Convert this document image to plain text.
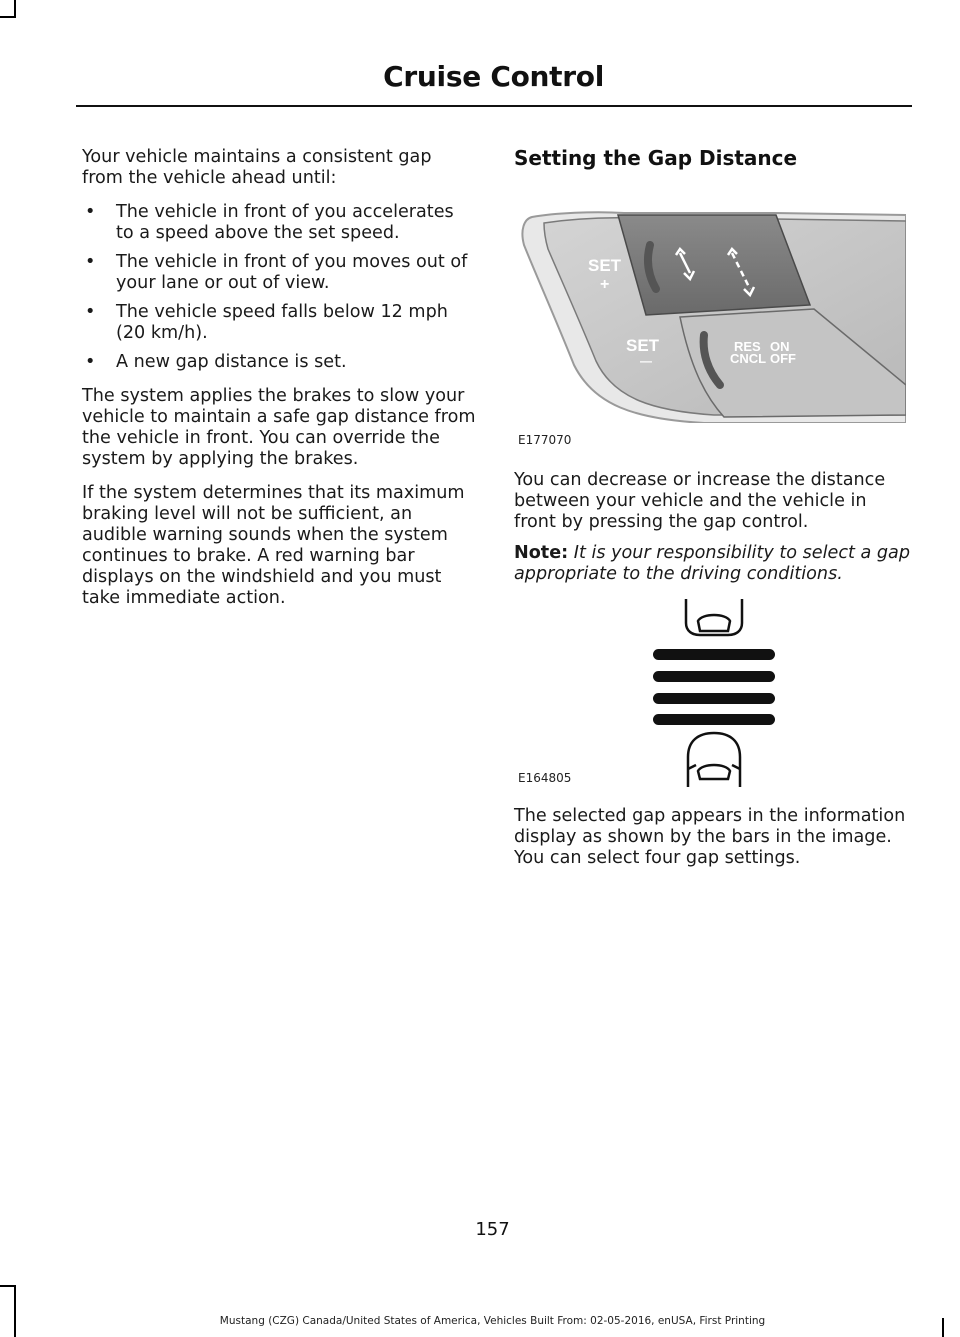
Cruise Control

Your vehicle maintains a consistent gap from the vehicle ahead until:

• The vehicle in front of you accelerates to a speed above the set speed.
• The vehicle in front of you moves out of your lane or out of view.
• The vehicle speed falls below 12 mph (20 km/h).
• A new gap distance is set.

The system applies the brakes to slow your vehicle to maintain a safe gap distance from the vehicle in front. You can override the system by applying the brakes.

If the system determines that its maximum braking level will not be sufficient, an audible warning sounds when the system continues to brake. A red warning bar displays on the windshield and you must take immediate action.

Setting the Gap Distance
SET
+
SET
—
RES ON
CNCL OFF
E177070

You can decrease or increase the distance between your vehicle and the vehicle in front by pressing the gap control.

Note: It is your responsibility to select a gap appropriate to the driving conditions.

E164805

The selected gap appears in the information display as shown by the bars in the image. You can select four gap settings.

157
Mustang (CZG) Canada/United States of America, Vehicles Built From: 02-05-2016, enUSA, First Printing
